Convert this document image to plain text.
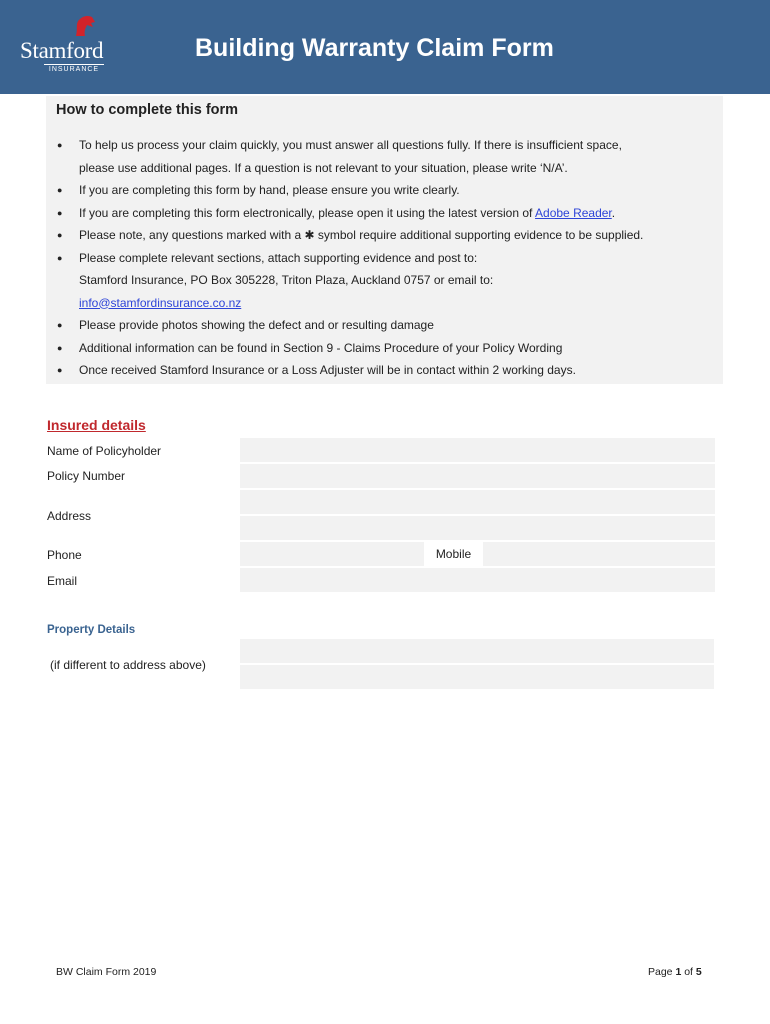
Stamford
INSURANCE
Building Warranty Claim Form
How to complete this form
● To help us process your claim quickly, you must answer all questions fully. If there is insufficient space,
please use additional pages. If a question is not relevant to your situation, please write ‘N/A’.
● If you are completing this form by hand, please ensure you write clearly.
● If you are completing this form electronically, please open it using the latest version of Adobe Reader.
● Please note, any questions marked with a ✱ symbol require additional supporting evidence to be supplied.
● Please complete relevant sections, attach supporting evidence and post to:
Stamford Insurance, PO Box 305228, Triton Plaza, Auckland 0757 or email to:
info@stamfordinsurance.co.nz
● Please provide photos showing the defect and or resulting damage
● Additional information can be found in Section 9 - Claims Procedure of your Policy Wording
● Once received Stamford Insurance or a Loss Adjuster will be in contact within 2 working days.
Insured details
Name of Policyholder
Policy Number
Address
Phone	Mobile
Email
Property Details
(if different to address above)
BW Claim Form 2019	Page 1 of 5
